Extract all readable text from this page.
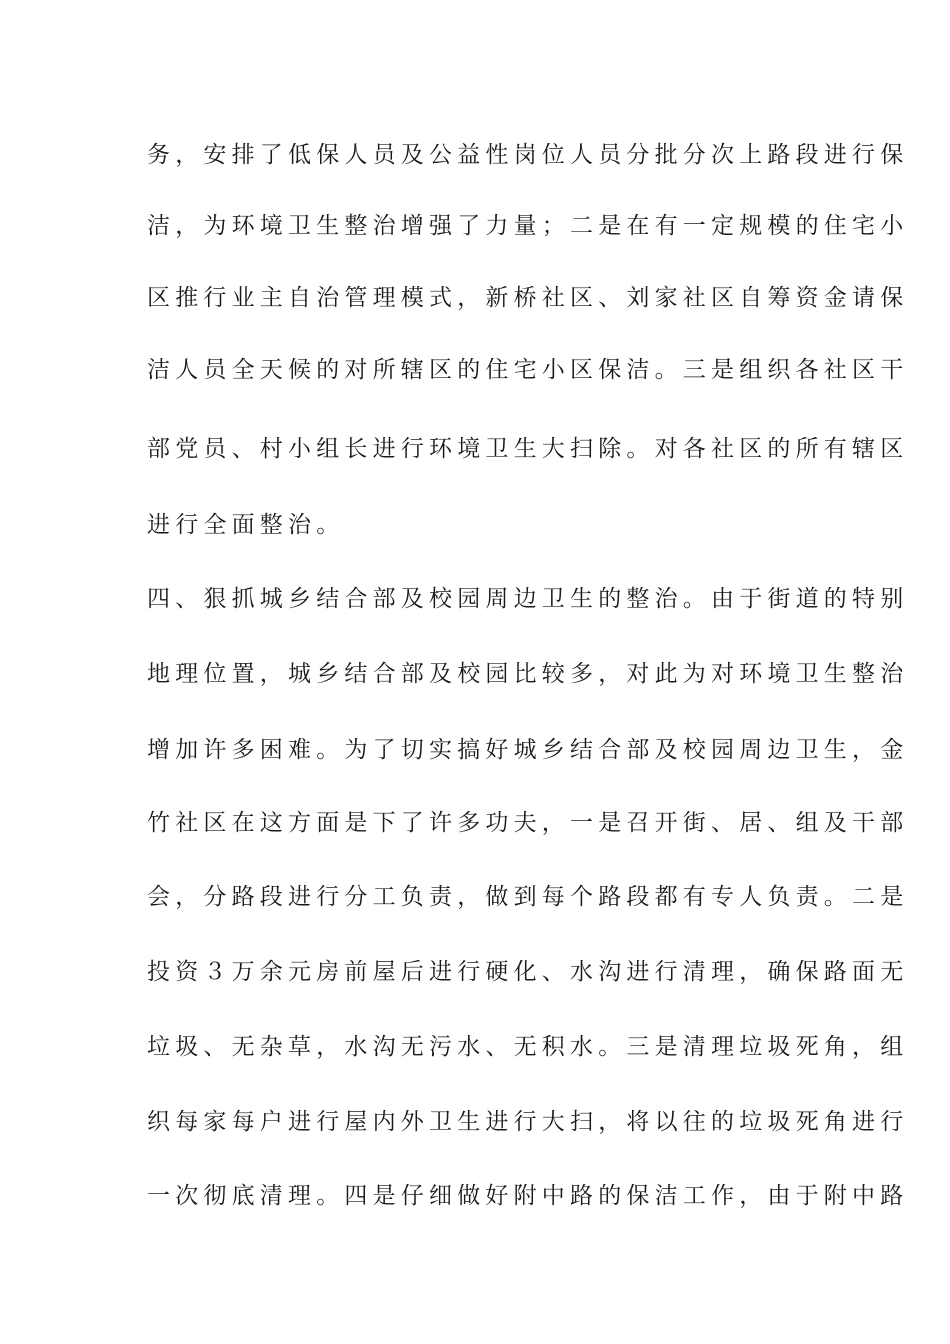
务，安排了低保人员及公益性岗位人员分批分次上路段进行保
洁，为环境卫生整治增强了力量；二是在有一定规模的住宅小
区推行业主自治管理模式，新桥社区、刘家社区自筹资金请保
洁人员全天候的对所辖区的住宅小区保洁。三是组织各社区干
部党员、村小组长进行环境卫生大扫除。对各社区的所有辖区
进行全面整治。
四、狠抓城乡结合部及校园周边卫生的整治。由于街道的特别
地理位置，城乡结合部及校园比较多，对此为对环境卫生整治
增加许多困难。为了切实搞好城乡结合部及校园周边卫生，金
竹社区在这方面是下了许多功夫，一是召开街、居、组及干部
会，分路段进行分工负责，做到每个路段都有专人负责。二是
投资３万余元房前屋后进行硬化、水沟进行清理，确保路面无
垃圾、无杂草，水沟无污水、无积水。三是清理垃圾死角，组
织每家每户进行屋内外卫生进行大扫，将以往的垃圾死角进行
一次彻底清理。四是仔细做好附中路的保洁工作，由于附中路
